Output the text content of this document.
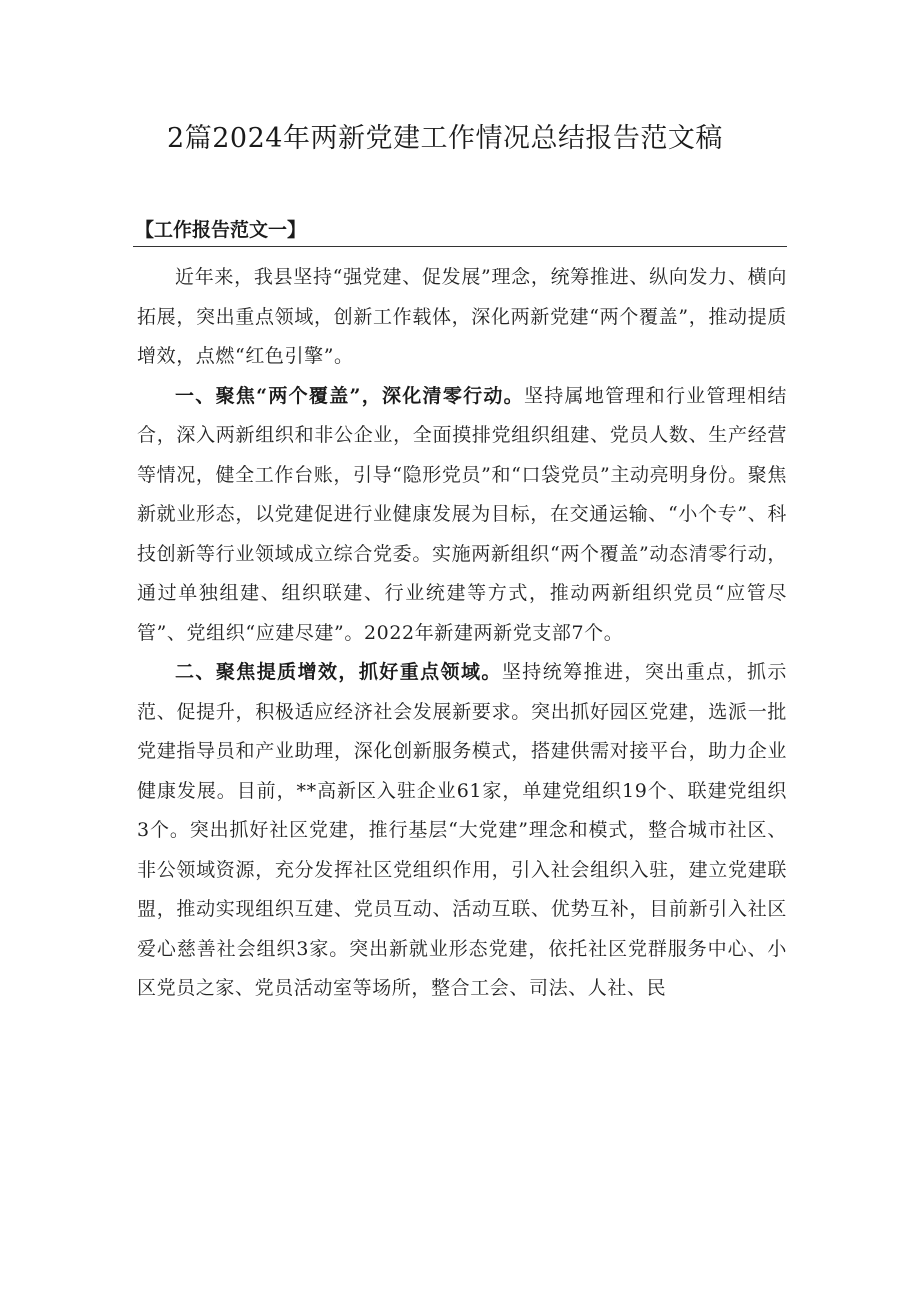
2篇2024年两新党建工作情况总结报告范文稿
【工作报告范文一】

近年来，我县坚持“强党建、促发展”理念，统筹推进、纵向发力、横向拓展，突出重点领域，创新工作载体，深化两新党建“两个覆盖”，推动提质增效，点燃“红色引擎”。

一、聚焦“两个覆盖”，深化清零行动。坚持属地管理和行业管理相结合，深入两新组织和非公企业，全面摸排党组织组建、党员人数、生产经营等情况，健全工作台账，引导“隐形党员”和“口袋党员”主动亮明身份。聚焦新就业形态，以党建促进行业健康发展为目标，在交通运输、“小个专”、科技创新等行业领域成立综合党委。实施两新组织“两个覆盖”动态清零行动，通过单独组建、组织联建、行业统建等方式，推动两新组织党员“应管尽管”、党组织“应建尽建”。2022年新建两新党支部7个。

二、聚焦提质增效，抓好重点领域。坚持统筹推进，突出重点，抓示范、促提升，积极适应经济社会发展新要求。突出抓好园区党建，选派一批党建指导员和产业助理，深化创新服务模式，搭建供需对接平台，助力企业健康发展。目前，**高新区入驻企业61家，单建党组织19个、联建党组织3个。突出抓好社区党建，推行基层“大党建”理念和模式，整合城市社区、非公领域资源，充分发挥社区党组织作用，引入社会组织入驻，建立党建联盟，推动实现组织互建、党员互动、活动互联、优势互补，目前新引入社区爱心慈善社会组织3家。突出新就业形态党建，依托社区党群服务中心、小区党员之家、党员活动室等场所，整合工会、司法、人社、民
